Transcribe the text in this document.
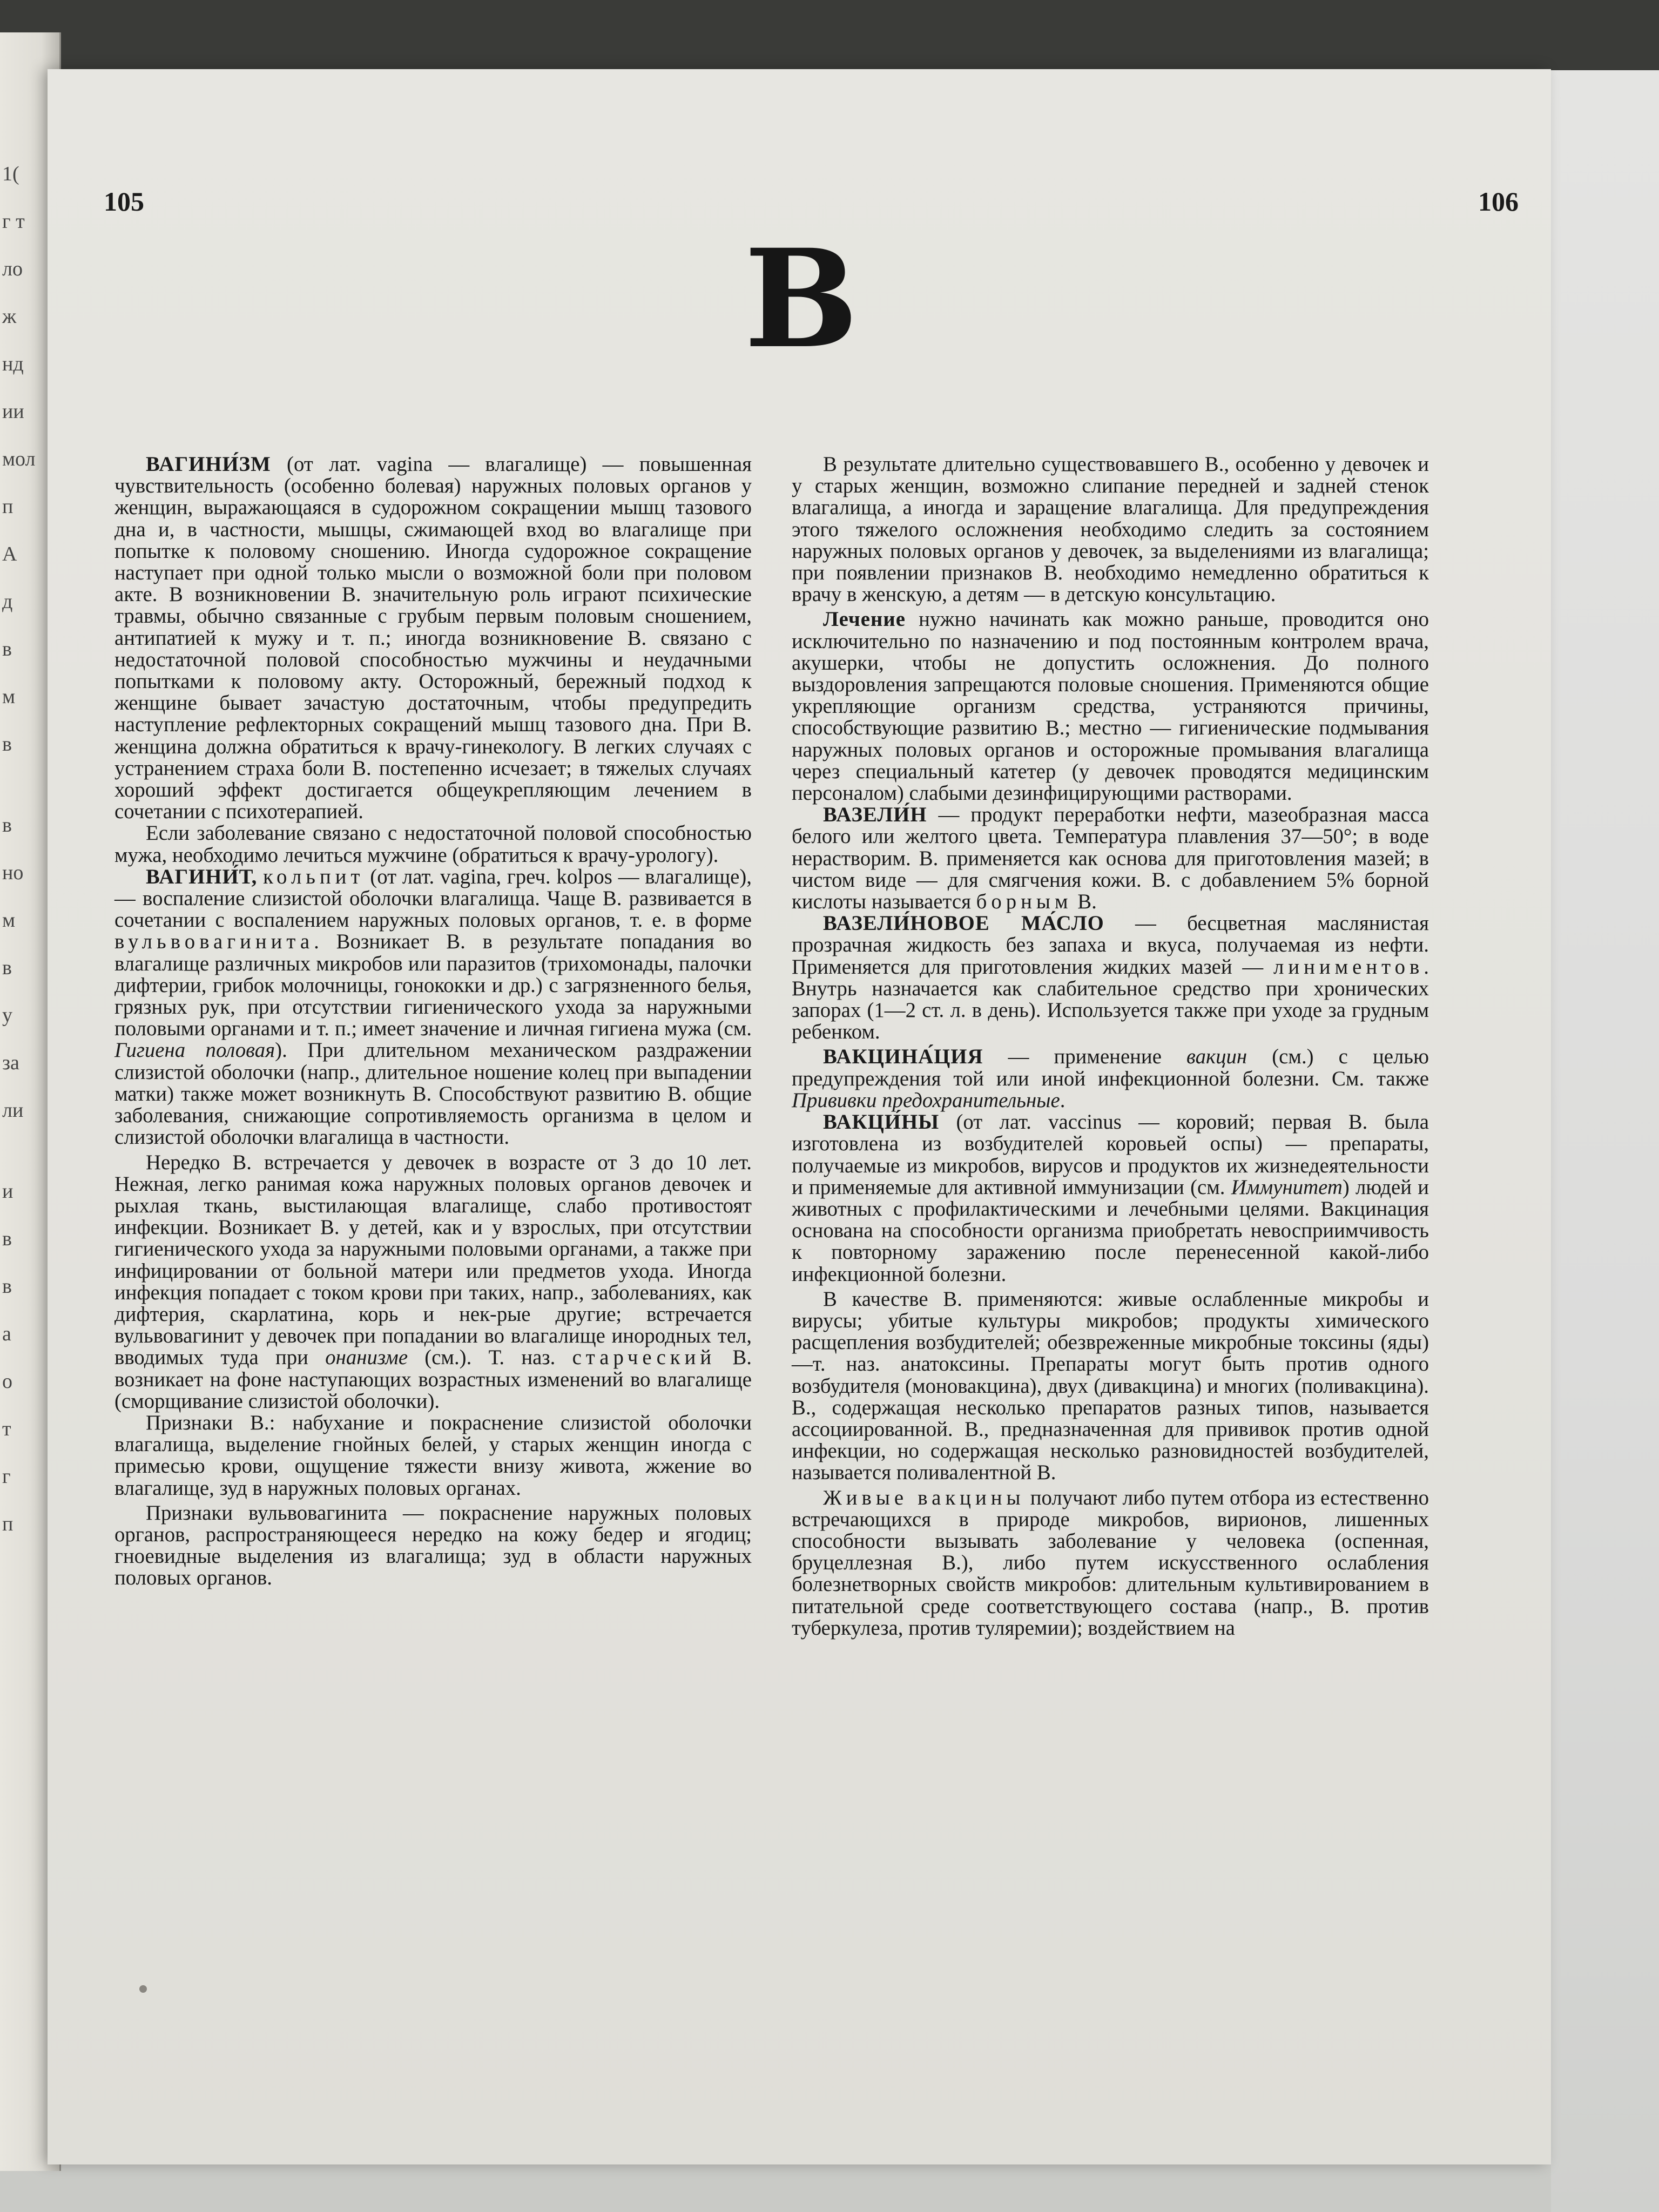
1(
г т
ло
ж
нд
ии
мол
п
А
д
в
м
в
в
но
м
в
у
за
ли
и
в
в
а
о
т
г
п
105	106
В

ВАГИНИ́ЗМ (от лат. vagina — влагалище) — повышенная чувствительность (особенно болевая) наружных половых органов у женщин, выражающаяся в судорожном сокращении мышц тазового дна и, в частности, мышцы, сжимающей вход во влагалище при попытке к половому сношению. Иногда судорожное сокращение наступает при одной только мысли о возможной боли при половом акте. В возникновении В. значительную роль играют психические травмы, обычно связанные с грубым первым половым сношением, антипатией к мужу и т. п.; иногда возникновение В. связано с недостаточной половой способностью мужчины и неудачными попытками к половому акту. Осторожный, бережный подход к женщине бывает зачастую достаточным, чтобы предупредить наступление рефлекторных сокращений мышц тазового дна. При В. женщина должна обратиться к врачу-гинекологу. В легких случаях с устранением страха боли В. постепенно исчезает; в тяжелых случаях хороший эффект достигается общеукрепляющим лечением в сочетании с психотерапией.

Если заболевание связано с недостаточной половой способностью мужа, необходимо лечиться мужчине (обратиться к врачу-урологу).

ВАГИНИ́Т, кольпит (от лат. vagina, греч. kolpos — влагалище),— воспаление слизистой оболочки влагалища. Чаще В. развивается в сочетании с воспалением наружных половых органов, т. е. в форме вульвовагинита. Возникает В. в результате попадания во влагалище различных микробов или паразитов (трихомонады, палочки дифтерии, грибок молочницы, гонококки и др.) с загрязненного белья, грязных рук, при отсутствии гигиенического ухода за наружными половыми органами и т. п.; имеет значение и личная гигиена мужа (см. Гигиена половая). При длительном механическом раздражении слизистой оболочки (напр., длительное ношение колец при выпадении матки) также может возникнуть В. Способствуют развитию В. общие заболевания, снижающие сопротивляемость организма в целом и слизистой оболочки влагалища в частности.

Нередко В. встречается у девочек в возрасте от 3 до 10 лет. Нежная, легко ранимая кожа наружных половых органов девочек и рыхлая ткань, выстилающая влагалище, слабо противостоят инфекции. Возникает В. у детей, как и у взрослых, при отсутствии гигиенического ухода за наружными половыми органами, а также при инфицировании от больной матери или предметов ухода. Иногда инфекция попадает с током крови при таких, напр., заболеваниях, как дифтерия, скарлатина, корь и нек-рые другие; встречается вульвовагинит у девочек при попадании во влагалище инородных тел, вводимых туда при онанизме (см.). Т. наз. старческий В. возникает на фоне наступающих возрастных изменений во влагалище (сморщивание слизистой оболочки).

Признаки В.: набухание и покраснение слизистой оболочки влагалища, выделение гнойных белей, у старых женщин иногда с примесью крови, ощущение тяжести внизу живота, жжение во влагалище, зуд в наружных половых органах.

Признаки вульвовагинита — покраснение наружных половых органов, распространяющееся нередко на кожу бедер и ягодиц; гноевидные выделения из влагалища; зуд в области наружных половых органов.

В результате длительно существовавшего В., особенно у девочек и у старых женщин, возможно слипание передней и задней стенок влагалища, а иногда и заращение влагалища. Для предупреждения этого тяжелого осложнения необходимо следить за состоянием наружных половых органов у девочек, за выделениями из влагалища; при появлении признаков В. необходимо немедленно обратиться к врачу в женскую, а детям — в детскую консультацию.

Лечение нужно начинать как можно раньше, проводится оно исключительно по назначению и под постоянным контролем врача, акушерки, чтобы не допустить осложнения. До полного выздоровления запрещаются половые сношения. Применяются общие укрепляющие организм средства, устраняются причины, способствующие развитию В.; местно — гигиенические подмывания наружных половых органов и осторожные промывания влагалища через специальный катетер (у девочек проводятся медицинским персоналом) слабыми дезинфицирующими растворами.

ВАЗЕЛИ́Н — продукт переработки нефти, мазеобразная масса белого или желтого цвета. Температура плавления 37—50°; в воде нерастворим. В. применяется как основа для приготовления мазей; в чистом виде — для смягчения кожи. В. с добавлением 5% борной кислоты называется борным В.

ВАЗЕЛИ́НОВОЕ МА́СЛО — бесцветная маслянистая прозрачная жидкость без запаха и вкуса, получаемая из нефти. Применяется для приготовления жидких мазей — линиментов. Внутрь назначается как слабительное средство при хронических запорах (1—2 ст. л. в день). Используется также при уходе за грудным ребенком.

ВАКЦИНА́ЦИЯ — применение вакцин (см.) с целью предупреждения той или иной инфекционной болезни. См. также Прививки предохранительные.

ВАКЦИ́НЫ (от лат. vaccinus — коровий; первая В. была изготовлена из возбудителей коровьей оспы) — препараты, получаемые из микробов, вирусов и продуктов их жизнедеятельности и применяемые для активной иммунизации (см. Иммунитет) людей и животных с профилактическими и лечебными целями. Вакцинация основана на способности организма приобретать невосприимчивость к повторному заражению после перенесенной какой-либо инфекционной болезни.

В качестве В. применяются: живые ослабленные микробы и вирусы; убитые культуры микробов; продукты химического расщепления возбудителей; обезвреженные микробные токсины (яды)—т. наз. анатоксины. Препараты могут быть против одного возбудителя (моновакцина), двух (дивакцина) и многих (поливакцина). В., содержащая несколько препаратов разных типов, называется ассоциированной. В., предназначенная для прививок против одной инфекции, но содержащая несколько разновидностей возбудителей, называется поливалентной В.

Живые вакцины получают либо путем отбора из естественно встречающихся в природе микробов, вирионов, лишенных способности вызывать заболевание у человека (оспенная, бруцеллезная В.), либо путем искусственного ослабления болезнетворных свойств микробов: длительным культивированием в питательной среде соответствующего состава (напр., В. против туберкулеза, против туляремии); воздействием на
